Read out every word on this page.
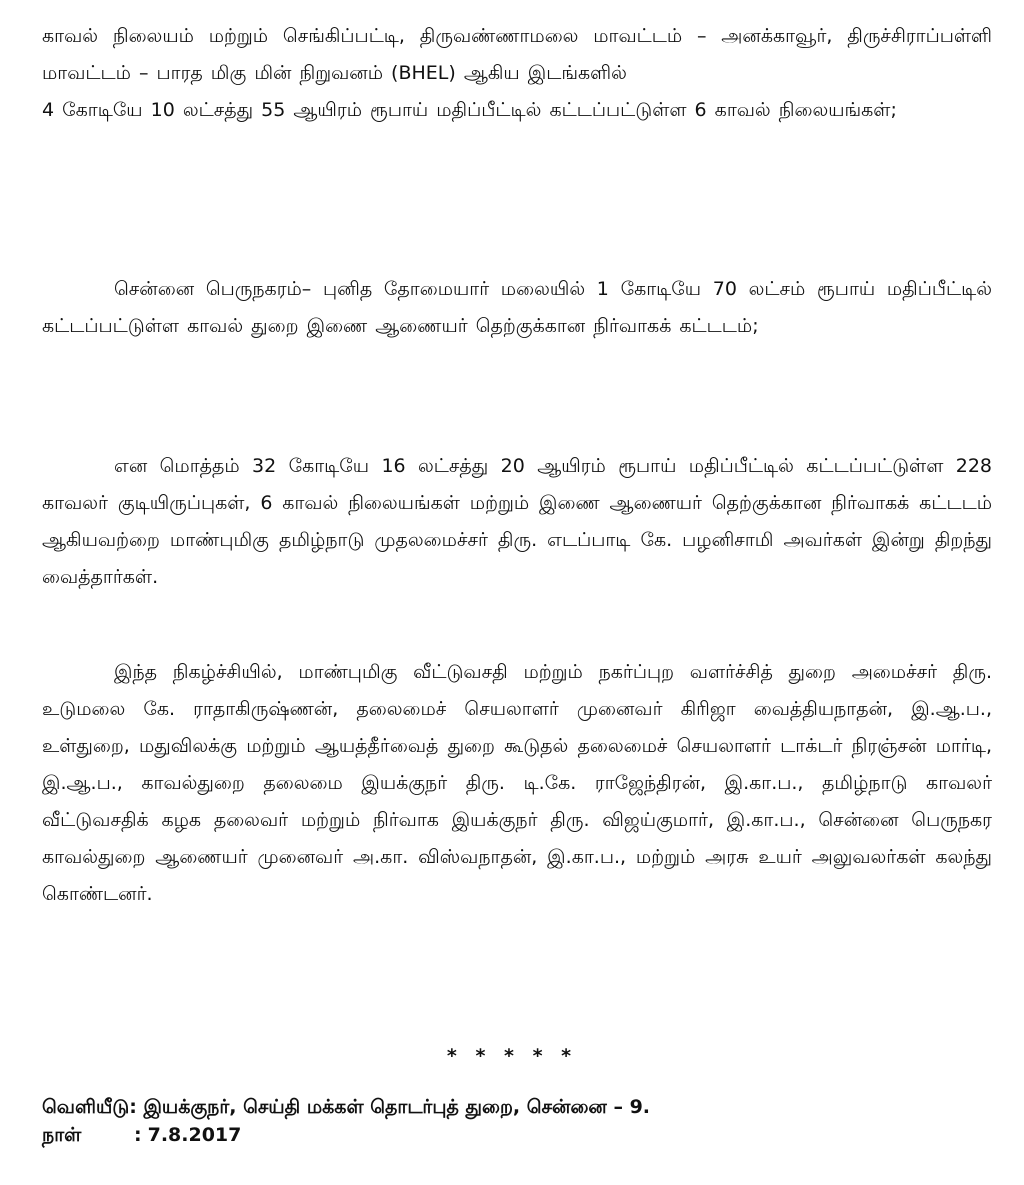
காவல் நிலையம் மற்றும் செங்கிப்பட்டி, திருவண்ணாமலை மாவட்டம் – அனக்காவூர், திருச்சிராப்பள்ளி மாவட்டம் – பாரத மிகு மின் நிறுவனம் (BHEL) ஆகிய இடங்களில்
4 கோடியே 10 லட்சத்து 55 ஆயிரம் ரூபாய் மதிப்பீட்டில் கட்டப்பட்டுள்ள 6 காவல் நிலையங்கள்;

சென்னை பெருநகரம்– புனித தோமையார் மலையில் 1 கோடியே 70 லட்சம் ரூபாய் மதிப்பீட்டில் கட்டப்பட்டுள்ள காவல் துறை இணை ஆணையர் தெற்குக்கான நிர்வாகக் கட்டடம்;

என மொத்தம் 32 கோடியே 16 லட்சத்து 20 ஆயிரம் ரூபாய் மதிப்பீட்டில் கட்டப்பட்டுள்ள 228 காவலர் குடியிருப்புகள், 6 காவல் நிலையங்கள் மற்றும் இணை ஆணையர் தெற்குக்கான நிர்வாகக் கட்டடம் ஆகியவற்றை மாண்புமிகு தமிழ்நாடு முதலமைச்சர் திரு. எடப்பாடி கே. பழனிசாமி அவர்கள் இன்று திறந்து வைத்தார்கள்.

இந்த நிகழ்ச்சியில், மாண்புமிகு வீட்டுவசதி மற்றும் நகர்ப்புற வளர்ச்சித் துறை அமைச்சர் திரு. உடுமலை கே. ராதாகிருஷ்ணன், தலைமைச் செயலாளர் முனைவர் கிரிஜா வைத்தியநாதன், இ.ஆ.ப., உள்துறை, மதுவிலக்கு மற்றும் ஆயத்தீர்வைத் துறை கூடுதல் தலைமைச் செயலாளர் டாக்டர் நிரஞ்சன் மார்டி, இ.ஆ.ப., காவல்துறை தலைமை இயக்குநர் திரு. டி.கே. ராஜேந்திரன், இ.கா.ப., தமிழ்நாடு காவலர் வீட்டுவசதிக் கழக தலைவர் மற்றும் நிர்வாக இயக்குநர் திரு. விஜய்குமார், இ.கா.ப., சென்னை பெருநகர காவல்துறை ஆணையர் முனைவர் அ.கா. விஸ்வநாதன், இ.கா.ப., மற்றும் அரசு உயர் அலுவலர்கள் கலந்து கொண்டனர்.

* * * * *
வெளியீடு: இயக்குநர், செய்தி மக்கள் தொடர்புத் துறை, சென்னை – 9.
நாள்	: 7.8.2017
